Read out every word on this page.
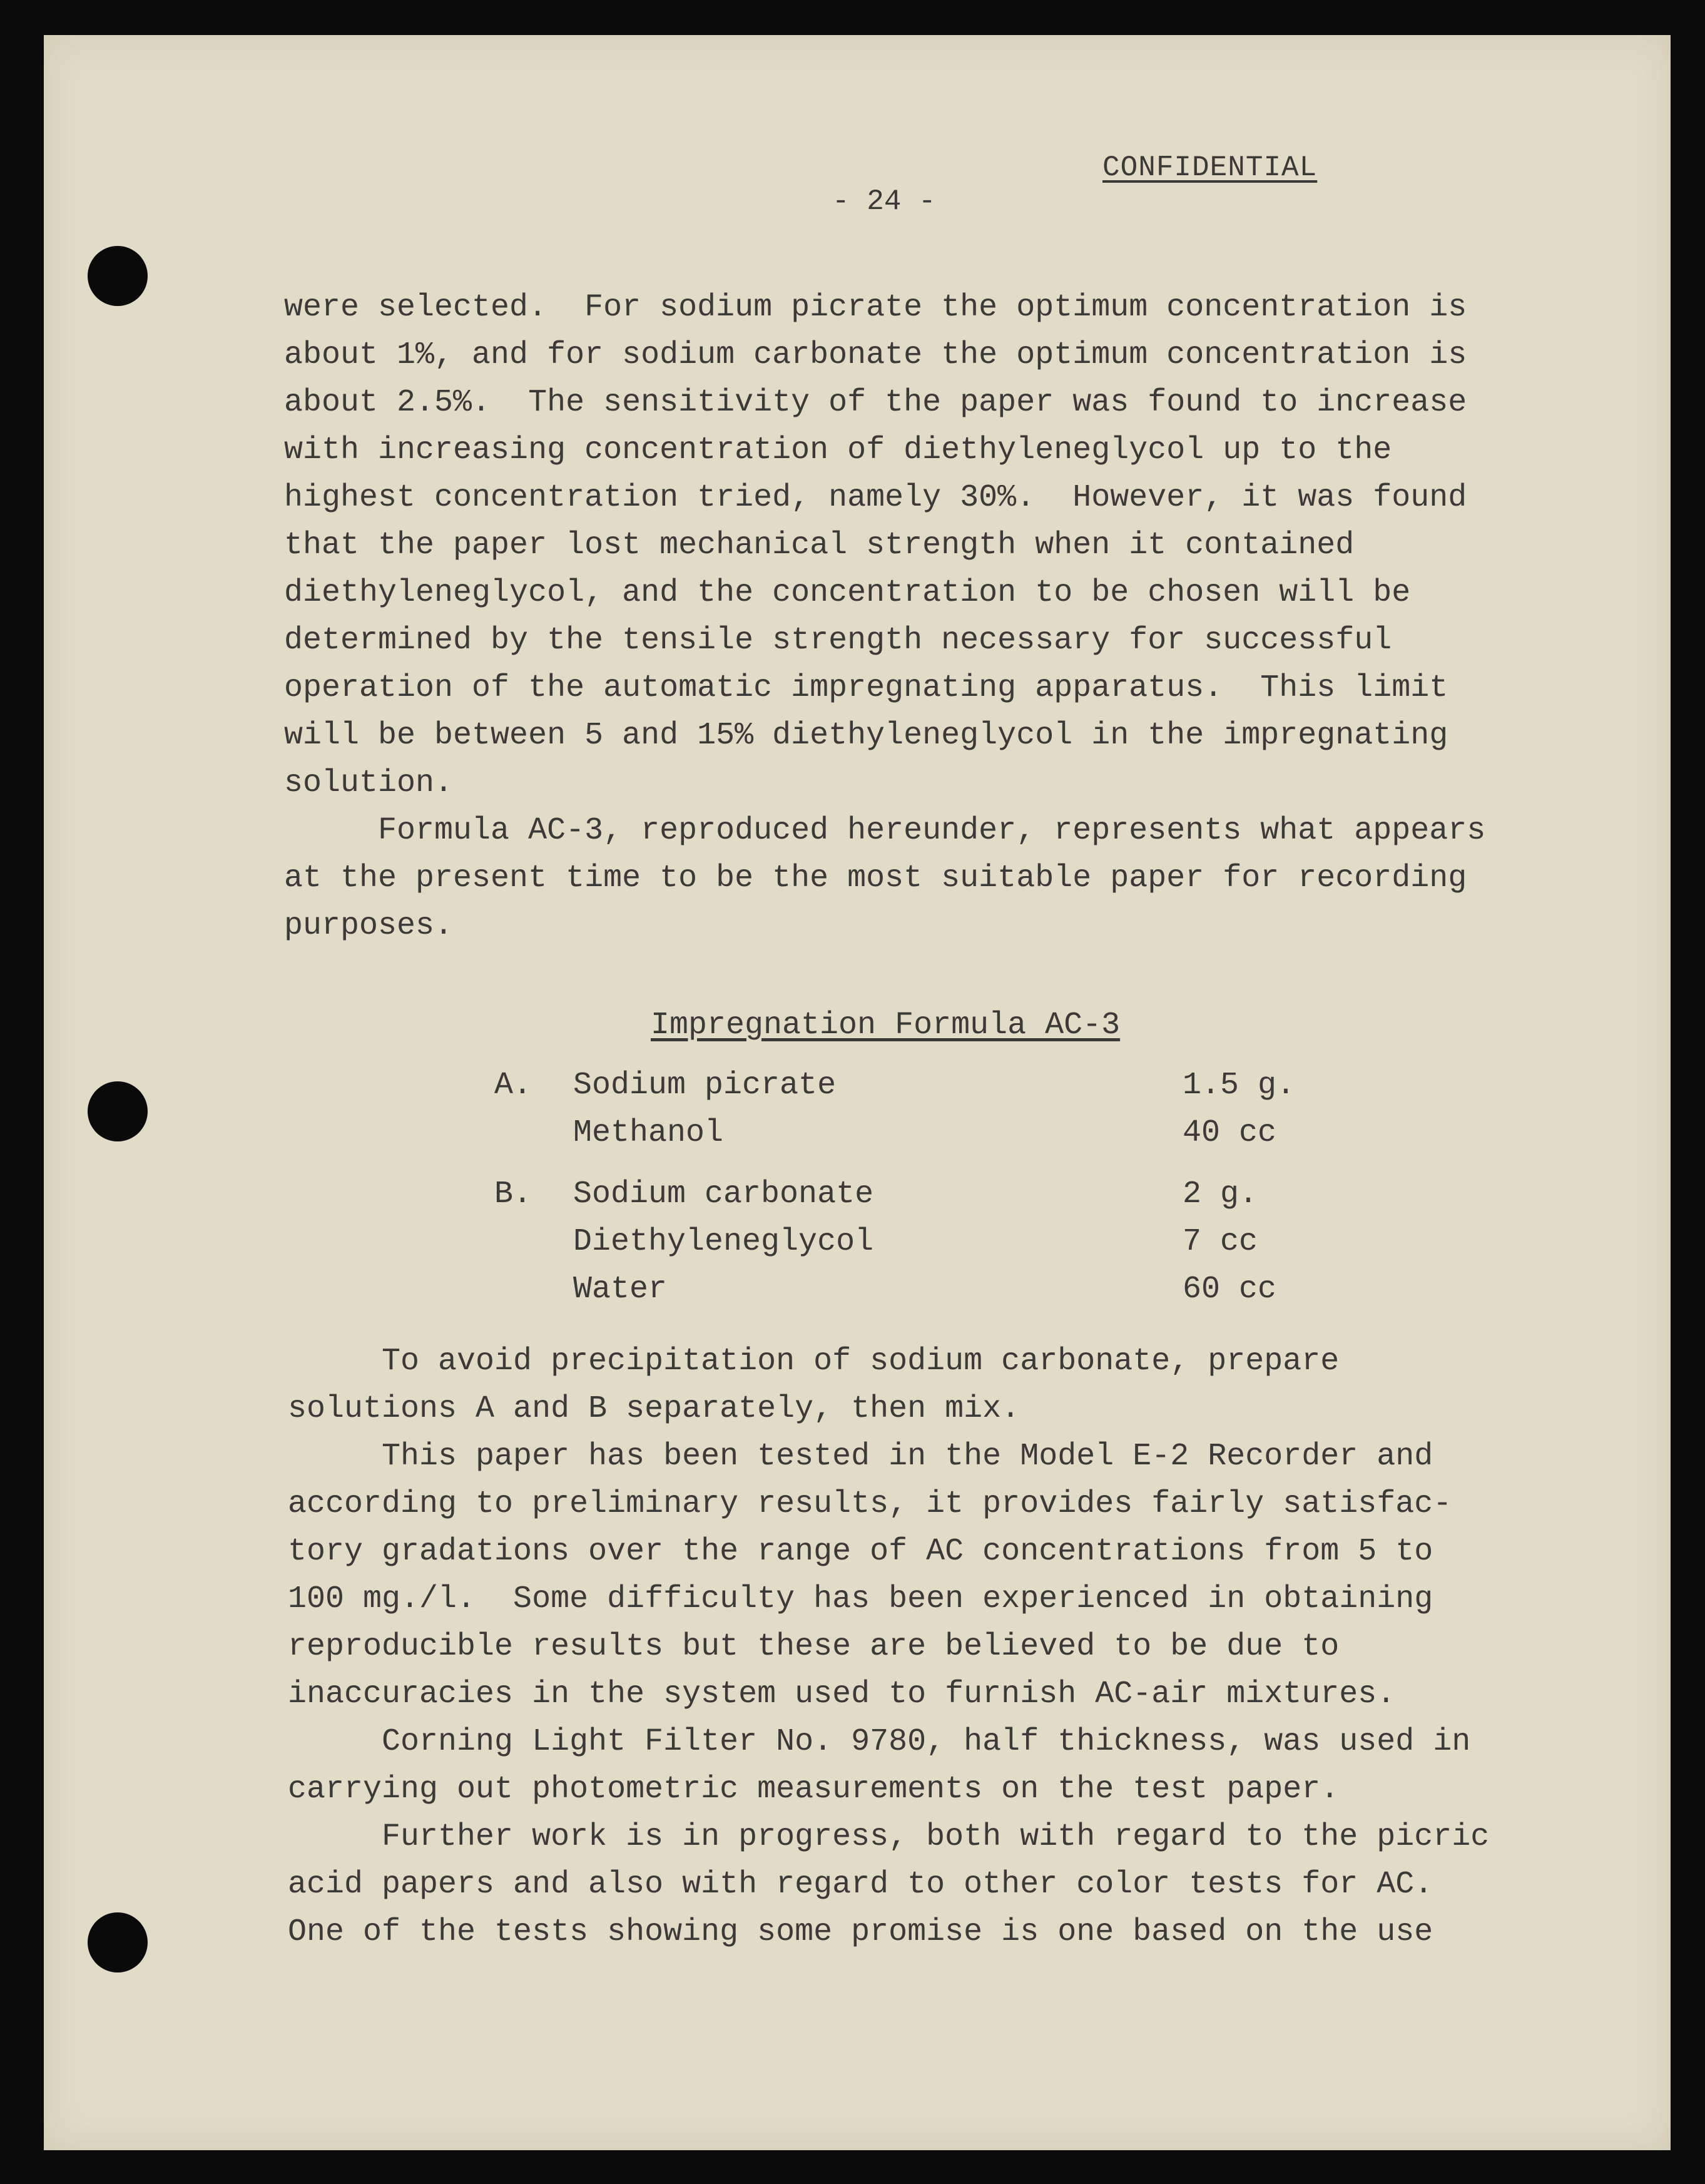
CONFIDENTIAL
- 24 -
were selected.  For sodium picrate the optimum concentration is
about 1%, and for sodium carbonate the optimum concentration is
about 2.5%.  The sensitivity of the paper was found to increase
with increasing concentration of diethyleneglycol up to the
highest concentration tried, namely 30%.  However, it was found
that the paper lost mechanical strength when it contained
diethyleneglycol, and the concentration to be chosen will be
determined by the tensile strength necessary for successful
operation of the automatic impregnating apparatus.  This limit
will be between 5 and 15% diethyleneglycol in the impregnating
solution.
Formula AC-3, reproduced hereunder, represents what appears
at the present time to be the most suitable paper for recording
purposes.
Impregnation Formula AC-3
A. Sodium picrate	1.5 g.
Methanol	40 cc
B. Sodium carbonate	2 g.
Diethyleneglycol	7 cc
Water	60 cc
To avoid precipitation of sodium carbonate, prepare
solutions A and B separately, then mix.
This paper has been tested in the Model E-2 Recorder and
according to preliminary results, it provides fairly satisfac-
tory gradations over the range of AC concentrations from 5 to
100 mg./l.  Some difficulty has been experienced in obtaining
reproducible results but these are believed to be due to
inaccuracies in the system used to furnish AC-air mixtures.
Corning Light Filter No. 9780, half thickness, was used in
carrying out photometric measurements on the test paper.
Further work is in progress, both with regard to the picric
acid papers and also with regard to other color tests for AC.
One of the tests showing some promise is one based on the use
